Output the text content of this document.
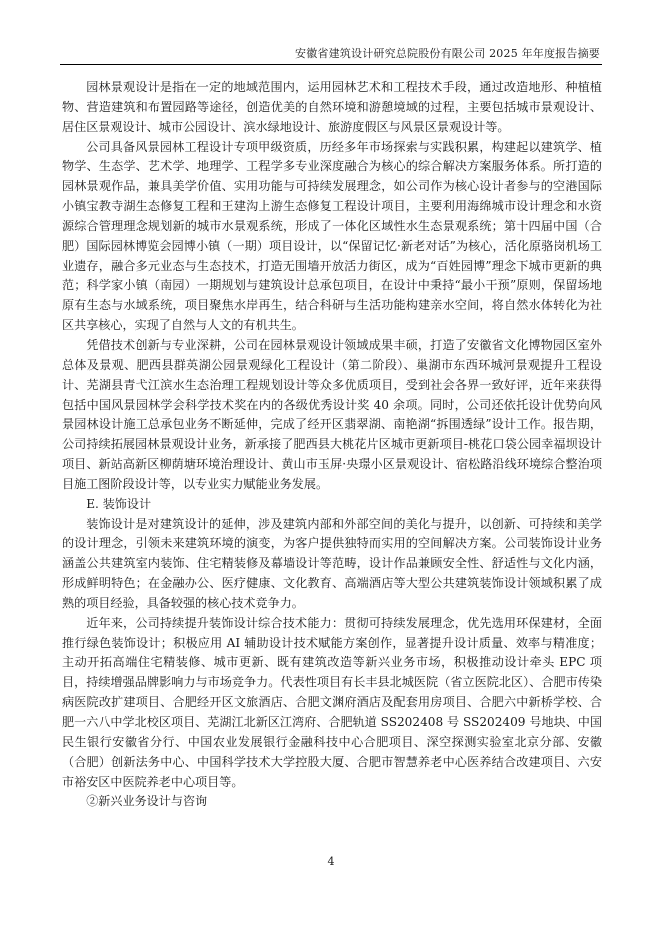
安徽省建筑设计研究总院股份有限公司 2025 年年度报告摘要

园林景观设计是指在一定的地域范围内，运用园林艺术和工程技术手段，通过改造地形、种植植物、营造建筑和布置园路等途径，创造优美的自然环境和游憩境域的过程，主要包括城市景观设计、居住区景观设计、城市公园设计、滨水绿地设计、旅游度假区与风景区景观设计等。

公司具备风景园林工程设计专项甲级资质，历经多年市场探索与实践积累，构建起以建筑学、植物学、生态学、艺术学、地理学、工程学多专业深度融合为核心的综合解决方案服务体系。所打造的园林景观作品，兼具美学价值、实用功能与可持续发展理念，如公司作为核心设计者参与的空港国际小镇宝教寺湖生态修复工程和王建沟上游生态修复工程设计项目，主要利用海绵城市设计理念和水资源综合管理理念规划新的城市水景观系统，形成了一体化区域性水生态景观系统；第十四届中国（合肥）国际园林博览会园博小镇（一期）项目设计，以“保留记忆·新老对话”为核心，活化原骆岗机场工业遗存，融合多元业态与生态技术，打造无围墙开放活力街区，成为“百姓园博”理念下城市更新的典范；科学家小镇（南园）一期规划与建筑设计总承包项目，在设计中秉持“最小干预”原则，保留场地原有生态与水域系统，项目聚焦水岸再生，结合科研与生活功能构建亲水空间，将自然水体转化为社区共享核心，实现了自然与人文的有机共生。

凭借技术创新与专业深耕，公司在园林景观设计领域成果丰硕，打造了安徽省文化博物园区室外总体及景观、肥西县群英湖公园景观绿化工程设计（第二阶段）、巢湖市东西环城河景观提升工程设计、芜湖县青弋江滨水生态治理工程规划设计等众多优质项目，受到社会各界一致好评，近年来获得包括中国风景园林学会科学技术奖在内的各级优秀设计奖 40 余项。同时，公司还依托设计优势向风景园林设计施工总承包业务不断延伸，完成了经开区翡翠湖、南艳湖“拆围透绿”设计工作。报告期，公司持续拓展园林景观设计业务，新承接了肥西县大桃花片区城市更新项目-桃花口袋公园幸福坝设计项目、新站高新区柳荫塘环境治理设计、黄山市玉屏·央璟小区景观设计、宿松路沿线环境综合整治项目施工图阶段设计等，以专业实力赋能业务发展。

E. 装饰设计

装饰设计是对建筑设计的延伸，涉及建筑内部和外部空间的美化与提升，以创新、可持续和美学的设计理念，引领未来建筑环境的演变，为客户提供独特而实用的空间解决方案。公司装饰设计业务涵盖公共建筑室内装饰、住宅精装修及幕墙设计等范畴，设计作品兼顾安全性、舒适性与文化内涵，形成鲜明特色；在金融办公、医疗健康、文化教育、高端酒店等大型公共建筑装饰设计领域积累了成熟的项目经验，具备较强的核心技术竞争力。

近年来，公司持续提升装饰设计综合技术能力：贯彻可持续发展理念，优先选用环保建材，全面推行绿色装饰设计；积极应用 AI 辅助设计技术赋能方案创作，显著提升设计质量、效率与精准度；主动开拓高端住宅精装修、城市更新、既有建筑改造等新兴业务市场，积极推动设计牵头 EPC 项目，持续增强品牌影响力与市场竞争力。代表性项目有长丰县北城医院（省立医院北区）、合肥市传染病医院改扩建项目、合肥经开区文旅酒店、合肥文渊府酒店及配套用房项目、合肥六中新桥学校、合肥一六八中学北校区项目、芜湖江北新区江湾府、合肥轨道 SS202408 号 SS202409 号地块、中国民生银行安徽省分行、中国农业发展银行金融科技中心合肥项目、深空探测实验室北京分部、安徽（合肥）创新法务中心、中国科学技术大学控股大厦、合肥市智慧养老中心医养结合改建项目、六安市裕安区中医院养老中心项目等。

②新兴业务设计与咨询

4
